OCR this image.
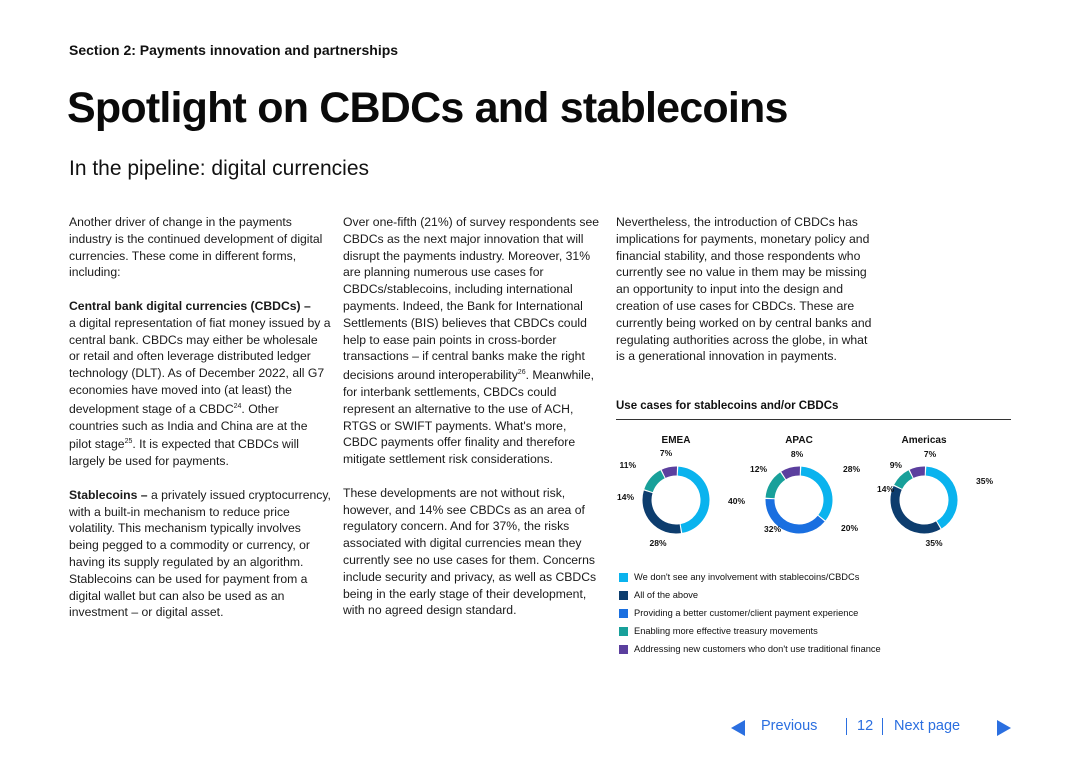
Section 2: Payments innovation and partnerships
Spotlight on CBDCs and stablecoins
In the pipeline: digital currencies

Another driver of change in the payments industry is the continued development of digital currencies. These come in different forms, including:

Central bank digital currencies (CBDCs) –
a digital representation of fiat money issued by a central bank. CBDCs may either be wholesale or retail and often leverage distributed ledger technology (DLT). As of December 2022, all G7 economies have moved into (at least) the development stage of a CBDC$^{24}$. Other countries such as India and China are at the pilot stage$^{25}$. It is expected that CBDCs will largely be used for payments.

Stablecoins – a privately issued cryptocurrency, with a built-in mechanism to reduce price volatility. This mechanism typically involves being pegged to a commodity or currency, or having its supply regulated by an algorithm. Stablecoins can be used for payment from a digital wallet but can also be used as an investment – or digital asset.

Over one-fifth (21%) of survey respondents see CBDCs as the next major innovation that will disrupt the payments industry. Moreover, 31% are planning numerous use cases for CBDCs/stablecoins, including international payments. Indeed, the Bank for International Settlements (BIS) believes that CBDCs could help to ease pain points in cross-border transactions – if central banks make the right decisions around interoperability$^{26}$. Meanwhile, for interbank settlements, CBDCs could represent an alternative to the use of ACH, RTGS or SWIFT payments. What's more, CBDC payments offer finality and therefore mitigate settlement risk considerations.

These developments are not without risk, however, and 14% see CBDCs as an area of regulatory concern. And for 37%, the risks associated with digital currencies mean they currently see no use cases for them. Concerns include security and privacy, as well as CBDCs being in the early stage of their development, with no agreed design standard.

Nevertheless, the introduction of CBDCs has implications for payments, monetary policy and financial stability, and those respondents who currently see no value in them may be missing an opportunity to input into the design and creation of use cases for CBDCs. These are currently being worked on by central banks and regulating authorities across the globe, in what is a generational innovation in payments.

Use cases for stablecoins and/or CBDCs
EMEA
40%
28%
11%
7%
14%
APAC
28%
32%
12%
8%
20%
Americas
35%
35%
9%
7%
14%
We don't see any involvement with stablecoins/CBDCs
All of the above
Providing a better customer/client payment experience
Enabling more effective treasury movements
Addressing new customers who don't use traditional finance
Previous	12 Next page
